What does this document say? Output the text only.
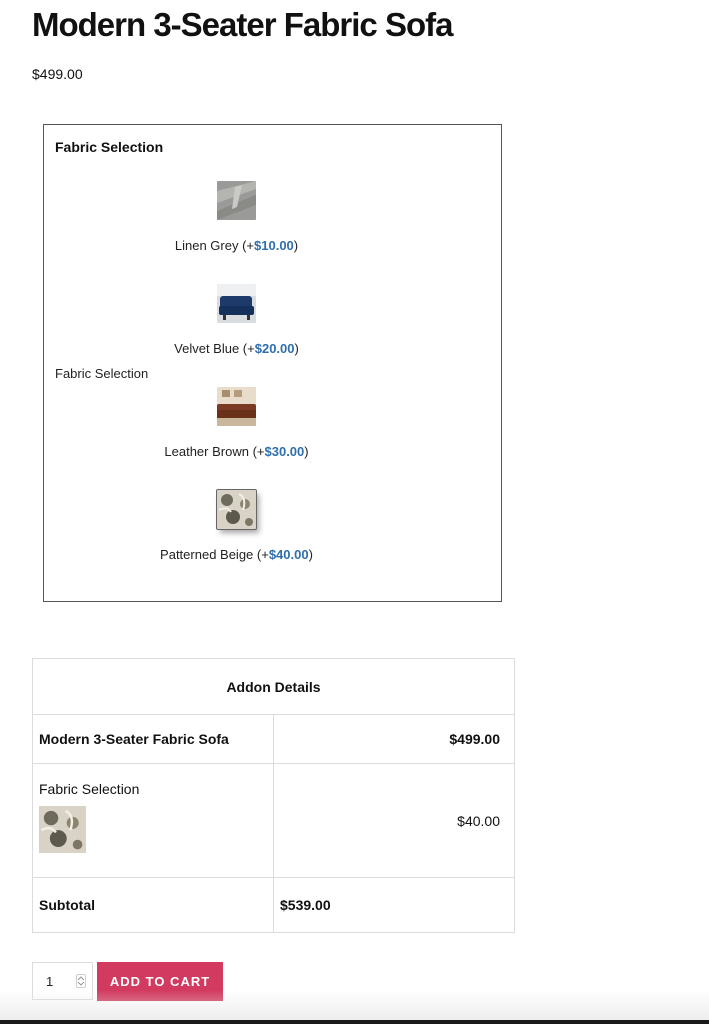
Modern 3-Seater Fabric Sofa
$499.00
Fabric Selection
Fabric Selection
Linen Grey (+$10.00)
Velvet Blue (+$20.00)
Leather Brown (+$30.00)
Patterned Beige (+$40.00)
Addon Details	
Modern 3-Seater Fabric Sofa	$499.00

Fabric Selection	$40.00
Subtotal	$539.00
1	ADD TO CART
